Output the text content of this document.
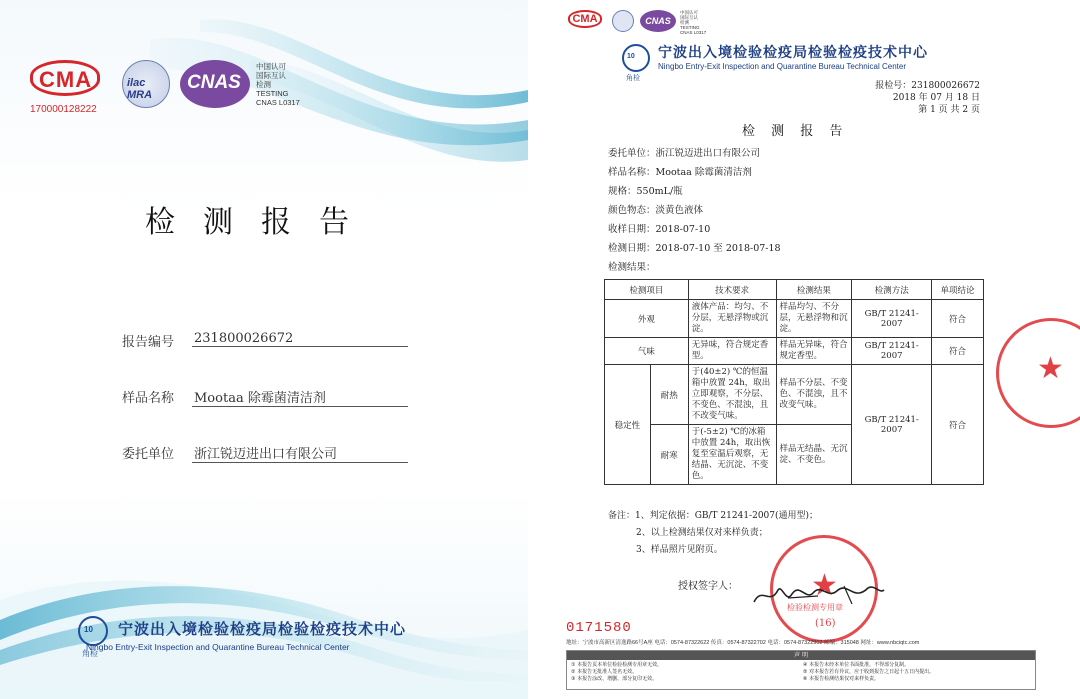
CMA
170000128222
ilac MRA
CNAS
中国认可
国际互认
检测
TESTING
CNAS L0317
检测报告
报告编号 231800026672
样品名称 Mootaa 除霉菌清洁剂
委托单位 浙江锐迈进出口有限公司
10
角检
宁波出入境检验检疫局检验检疫技术中心
Ningbo Entry-Exit Inspection and Quarantine Bureau Technical Center
CMA	CNAS
中国认可
国际互认
检测
TESTING
CNAS L0317
10
角检
宁波出入境检验检疫局检验检疫技术中心
Ningbo Entry-Exit Inspection and Quarantine Bureau Technical Center
报检号：231800026672
2018 年 07 月 18 日
第 1 页 共 2 页
检 测 报 告
委托单位：浙江锐迈进出口有限公司
样品名称：Mootaa 除霉菌清洁剂
规格：550mL/瓶
颜色物态：淡黄色液体
收样日期：2018-07-10
检测日期：2018-07-10 至 2018-07-18
检测结果：
检测项目		技术要求	检测结果	检测方法	单项结论
外观		液体产品：均匀、不分层，无悬浮物或沉淀。	样品均匀、不分层，无悬浮物和沉淀。	GB/T 21241-2007	符合
气味		无异味，符合规定香型。	样品无异味，符合规定香型。	GB/T 21241-2007	符合
稳定性	耐热	于(40±2) ℃的恒温箱中放置 24h，取出立即观察，不分层、不变色、不混浊，且不改变气味。	样品不分层、不变色、不混浊，且不改变气味。	GB/T 21241-2007	符合
	耐寒	于(-5±2) ℃的冰箱中放置 24h，取出恢复至室温后观察，无结晶、无沉淀、不变色。	样品无结晶、无沉淀、不变色。		
★
备注：1、判定依据：GB/T 21241-2007(通用型)；
2、以上检测结果仅对来样负责；
3、样品照片见附页。
授权签字人： ★
检验检测专用章
(16)
0171580
地址：宁波市高新区清逸路66号A座 电话：0574-87322622 传真：0574-87322702 电话：0574-87322902 邮编：315048 网址：www.nbciqtc.com
声 明
① 本报告页本单位检验检测专用章无效。
② 本报告无批准人签名无效。
③ 本报告涂改、增删、部分复印无效。
④ 本报告未经本单位书面批准，不得部分复制。
⑤ 对本报告若有异议，应于收到报告之日起十五日内提出。
⑥ 本报告检测结果仅对来样负责。
